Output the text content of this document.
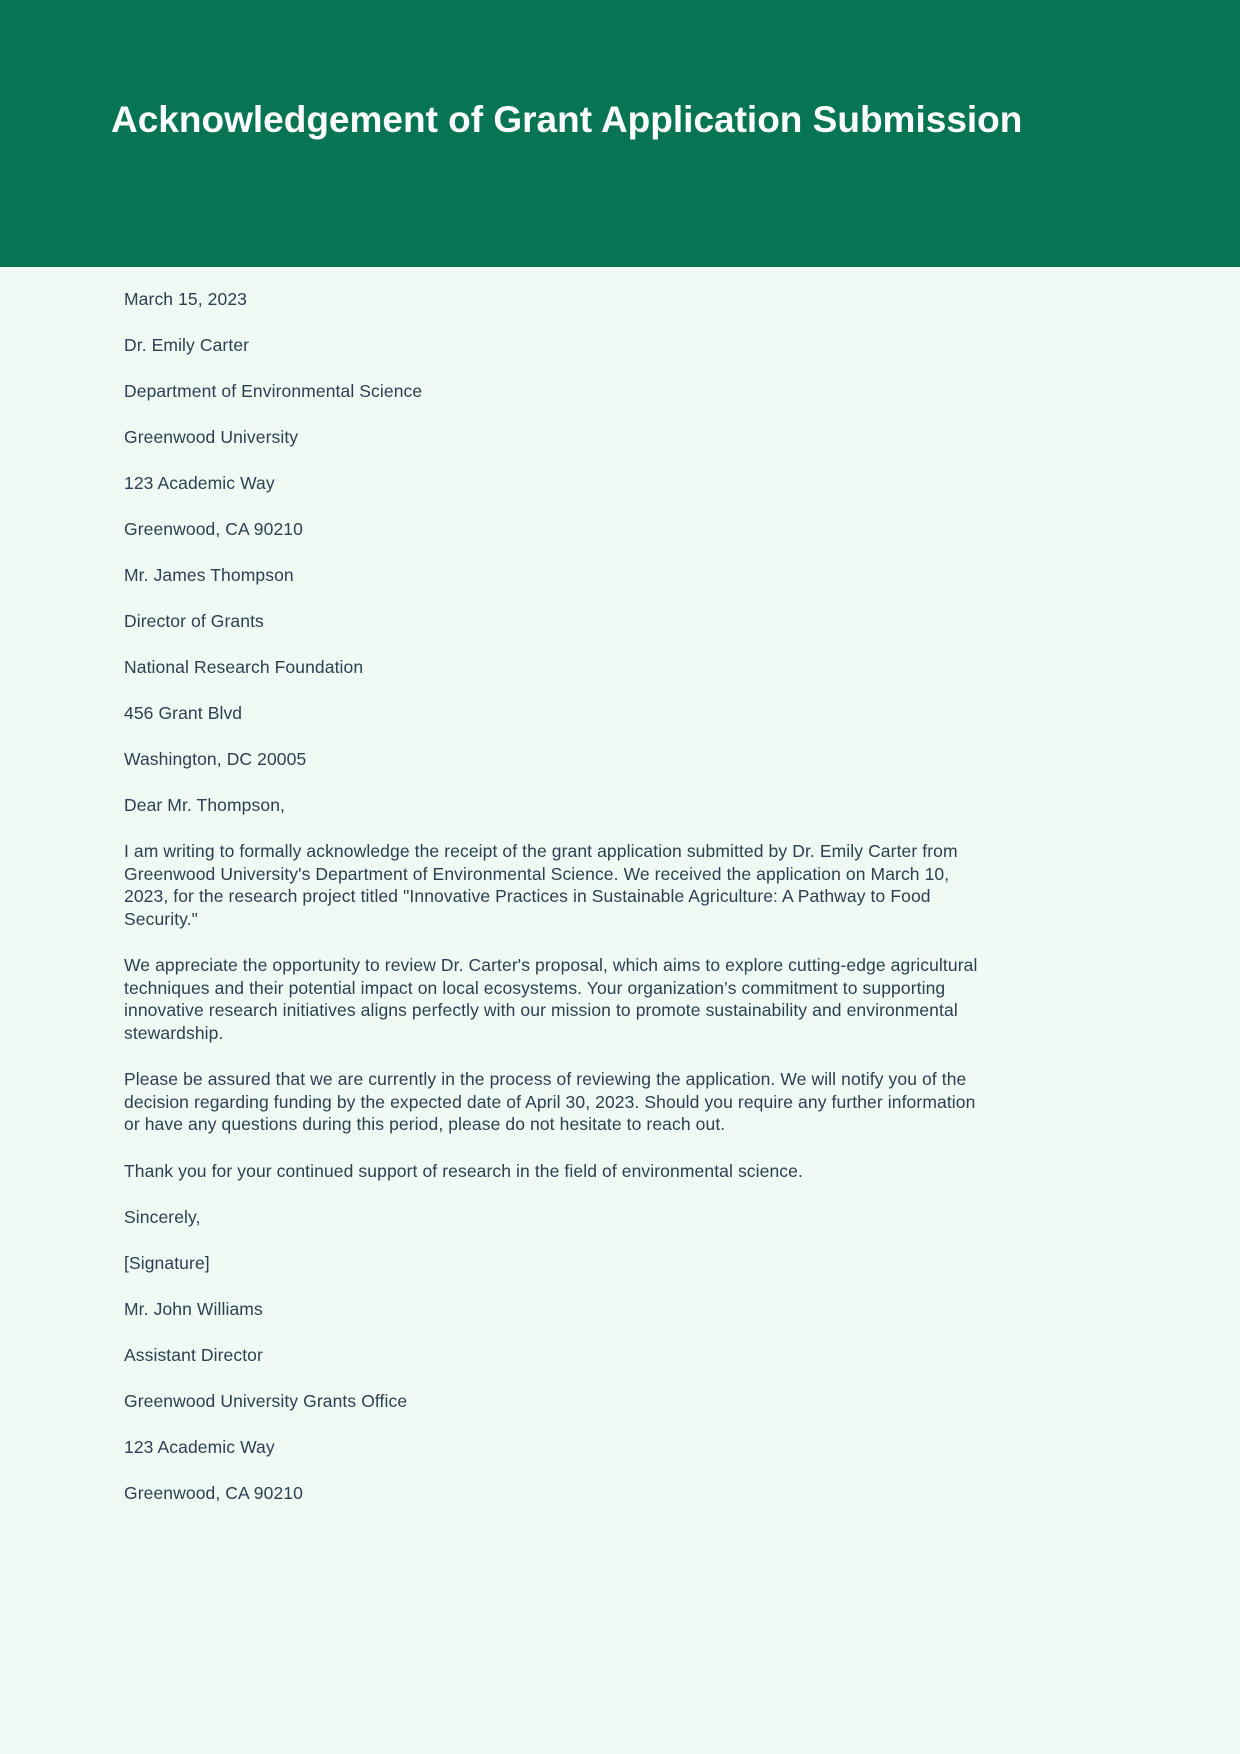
Acknowledgement of Grant Application Submission

March 15, 2023

Dr. Emily Carter

Department of Environmental Science

Greenwood University

123 Academic Way

Greenwood, CA 90210

Mr. James Thompson

Director of Grants

National Research Foundation

456 Grant Blvd

Washington, DC 20005

Dear Mr. Thompson,

I am writing to formally acknowledge the receipt of the grant application submitted by Dr. Emily Carter from Greenwood University's Department of Environmental Science. We received the application on March 10, 2023, for the research project titled "Innovative Practices in Sustainable Agriculture: A Pathway to Food Security."

We appreciate the opportunity to review Dr. Carter's proposal, which aims to explore cutting-edge agricultural techniques and their potential impact on local ecosystems. Your organization’s commitment to supporting innovative research initiatives aligns perfectly with our mission to promote sustainability and environmental stewardship.

Please be assured that we are currently in the process of reviewing the application. We will notify you of the decision regarding funding by the expected date of April 30, 2023. Should you require any further information or have any questions during this period, please do not hesitate to reach out.

Thank you for your continued support of research in the field of environmental science.

Sincerely,

[Signature]

Mr. John Williams

Assistant Director

Greenwood University Grants Office

123 Academic Way

Greenwood, CA 90210
